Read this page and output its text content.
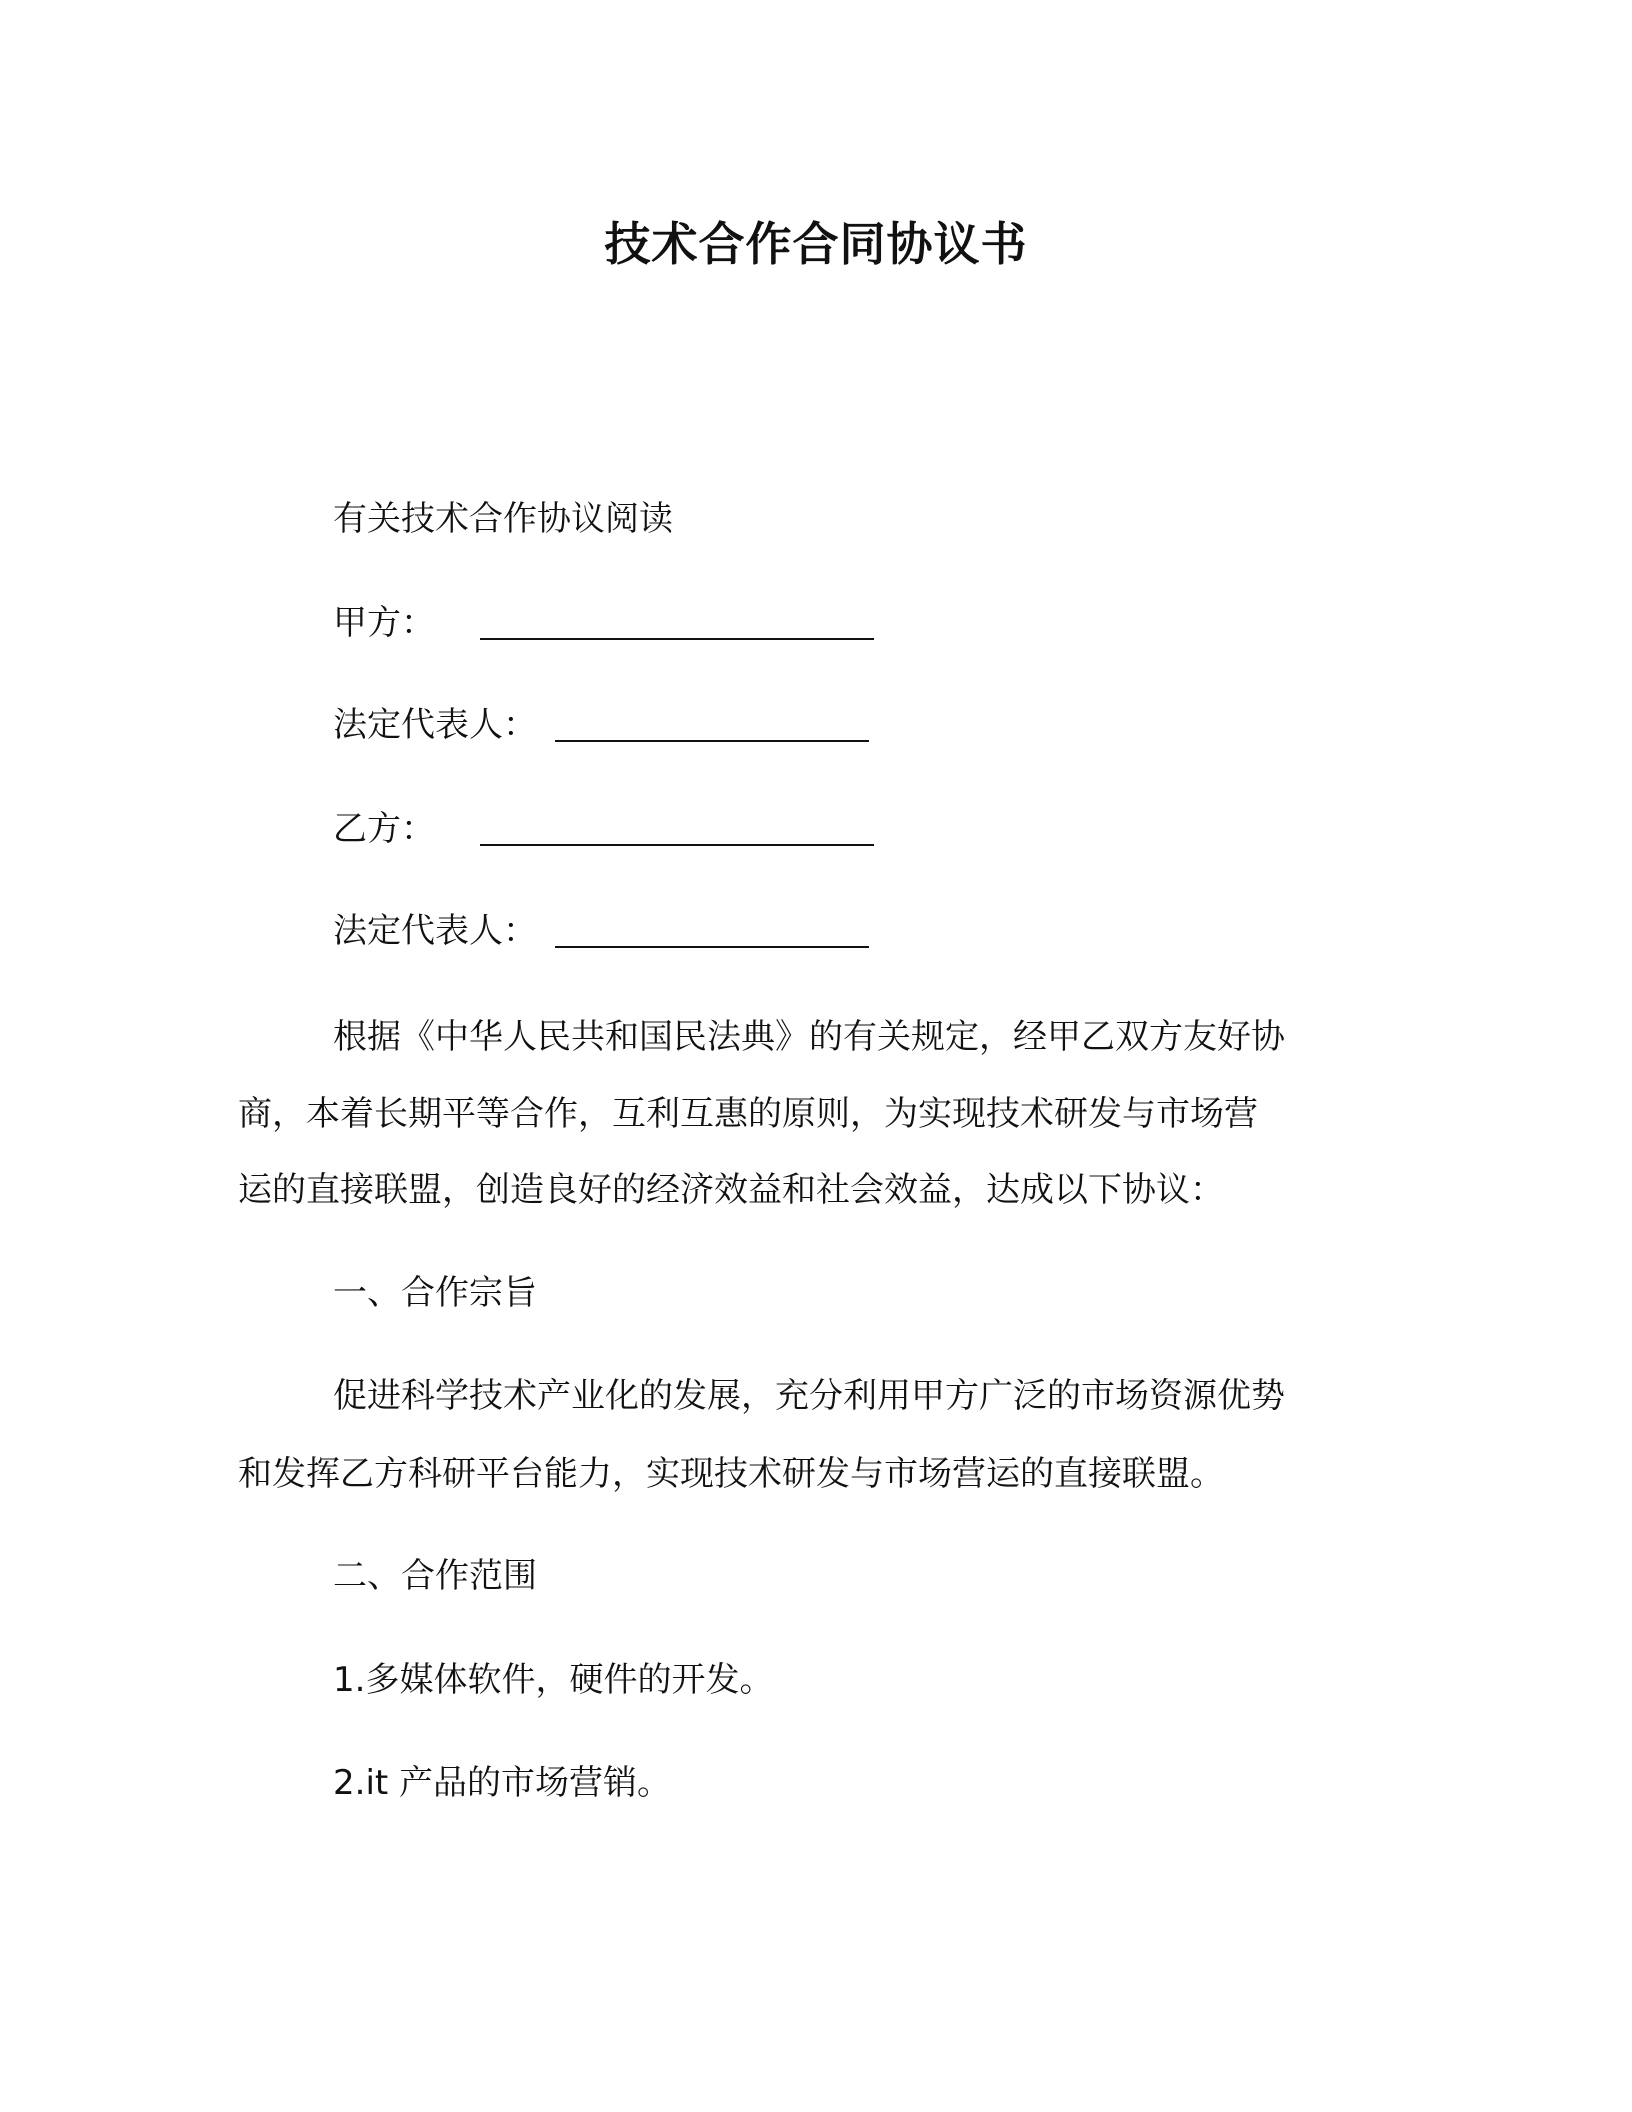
技术合作合同协议书
有关技术合作协议阅读
甲方：
法定代表人：
乙方：
法定代表人：
根据《中华人民共和国民法典》的有关规定，经甲乙双方友好协
商，本着长期平等合作，互利互惠的原则，为实现技术研发与市场营
运的直接联盟，创造良好的经济效益和社会效益，达成以下协议：
一、合作宗旨
促进科学技术产业化的发展，充分利用甲方广泛的市场资源优势
和发挥乙方科研平台能力，实现技术研发与市场营运的直接联盟。
二、合作范围
1.多媒体软件，硬件的开发。
2.it 产品的市场营销。
